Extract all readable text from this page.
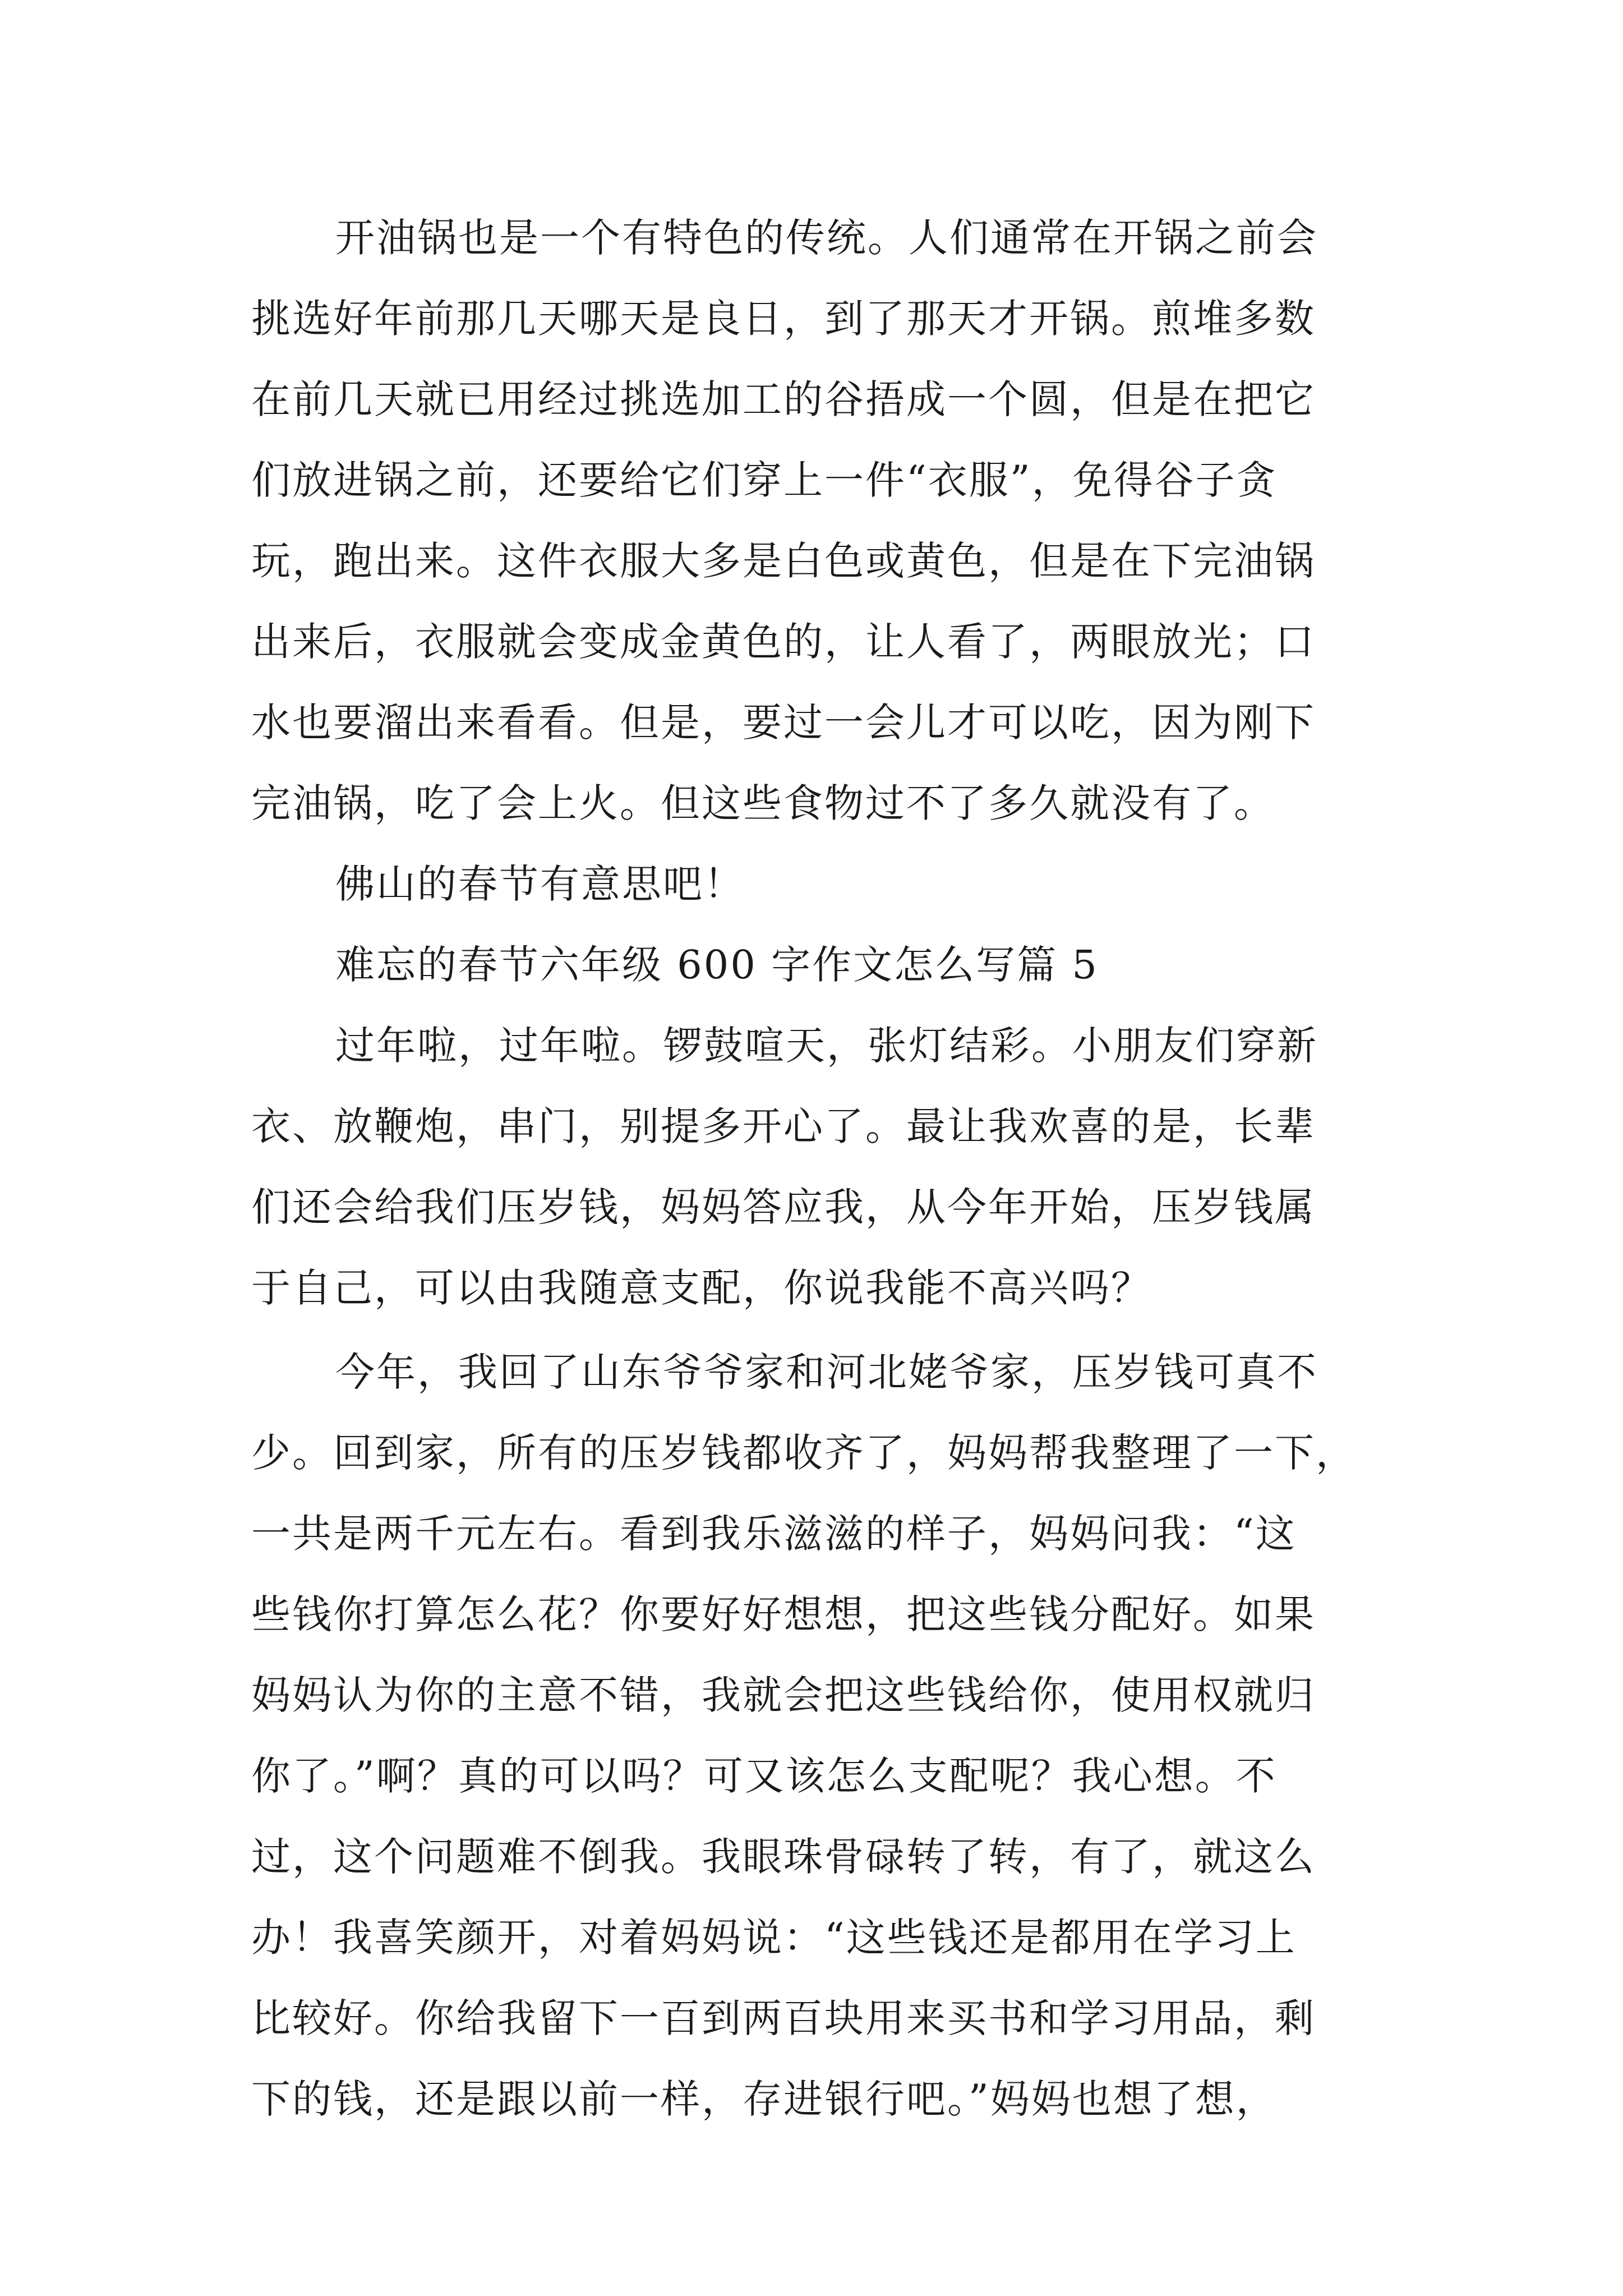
开油锅也是一个有特色的传统。人们通常在开锅之前会
挑选好年前那几天哪天是良日，到了那天才开锅。煎堆多数
在前几天就已用经过挑选加工的谷捂成一个圆，但是在把它
们放进锅之前，还要给它们穿上一件“衣服”，免得谷子贪
玩，跑出来。这件衣服大多是白色或黄色，但是在下完油锅
出来后，衣服就会变成金黄色的，让人看了，两眼放光；口
水也要溜出来看看。但是，要过一会儿才可以吃，因为刚下
完油锅，吃了会上火。但这些食物过不了多久就没有了。
佛山的春节有意思吧！
难忘的春节六年级 600 字作文怎么写篇 5
过年啦，过年啦。锣鼓喧天，张灯结彩。小朋友们穿新
衣、放鞭炮，串门，别提多开心了。最让我欢喜的是，长辈
们还会给我们压岁钱，妈妈答应我，从今年开始，压岁钱属
于自己，可以由我随意支配，你说我能不高兴吗？
今年，我回了山东爷爷家和河北姥爷家，压岁钱可真不
少。回到家，所有的压岁钱都收齐了，妈妈帮我整理了一下，
一共是两千元左右。看到我乐滋滋的样子，妈妈问我：“这
些钱你打算怎么花？你要好好想想，把这些钱分配好。如果
妈妈认为你的主意不错，我就会把这些钱给你，使用权就归
你了。”啊？真的可以吗？可又该怎么支配呢？我心想。不
过，这个问题难不倒我。我眼珠骨碌转了转，有了，就这么
办！我喜笑颜开，对着妈妈说：“这些钱还是都用在学习上
比较好。你给我留下一百到两百块用来买书和学习用品，剩
下的钱，还是跟以前一样，存进银行吧。”妈妈也想了想，
